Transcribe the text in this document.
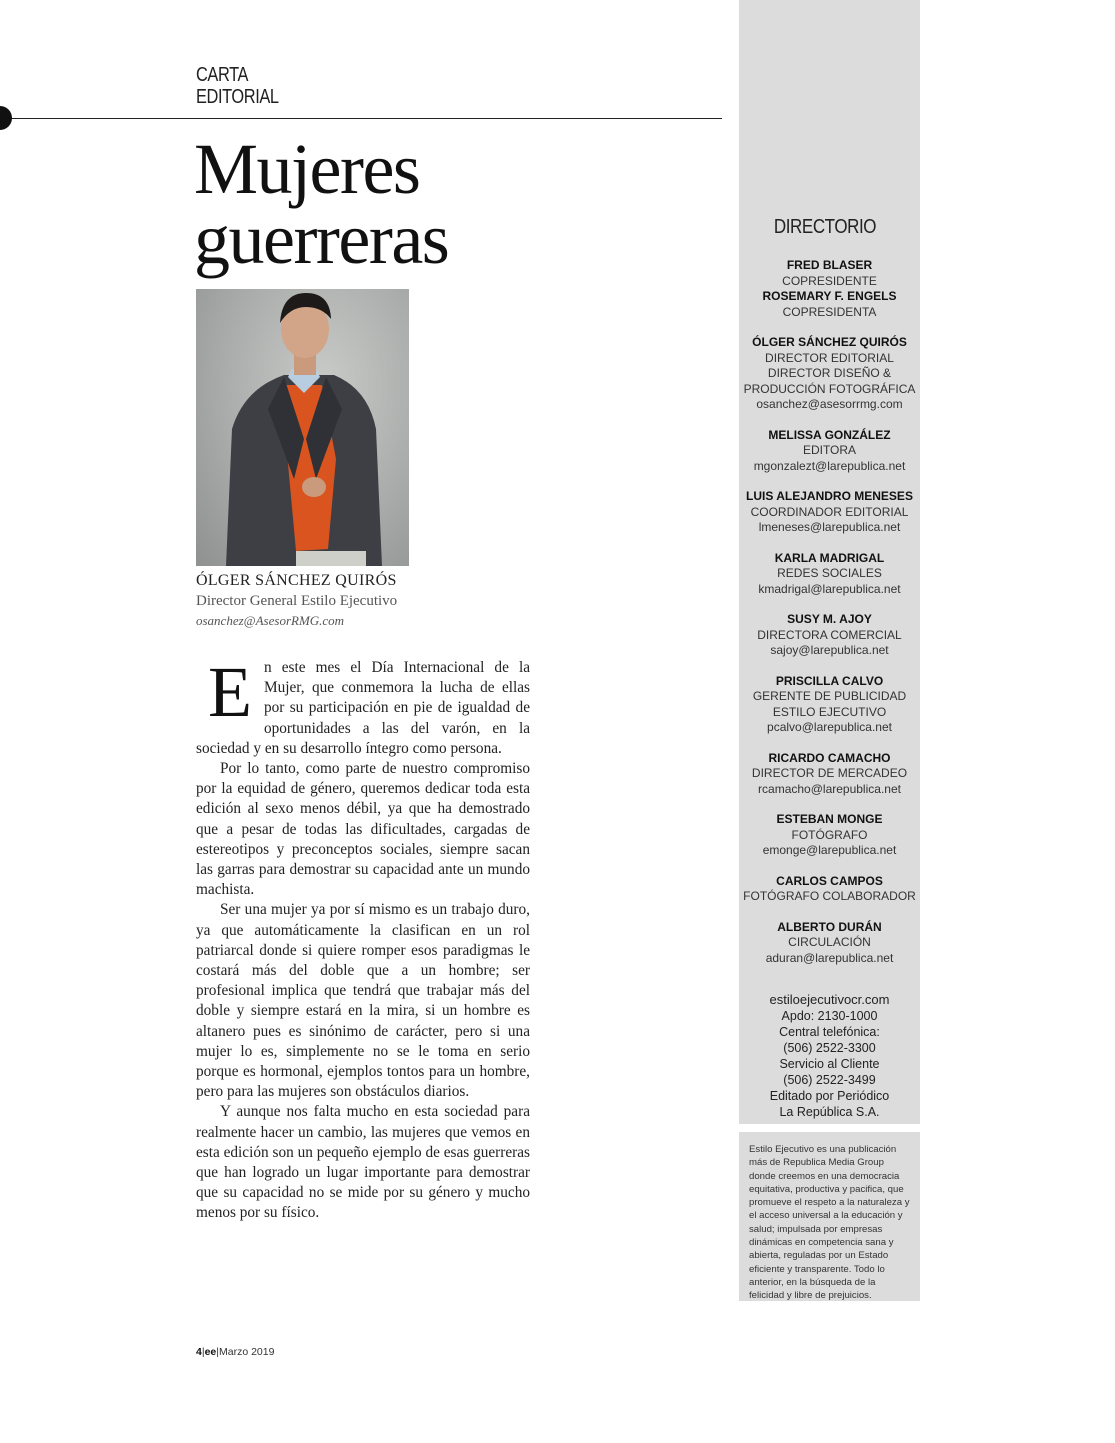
CARTA
EDITORIAL
Mujeres
guerreras
ÓLGER SÁNCHEZ QUIRÓS
Director General Estilo Ejecutivo
osanchez@AsesorRMG.com

En este mes el Día Internacional de la Mujer, que conmemora la lucha de ellas por su participación en pie de igualdad de oportunidades a las del varón, en la sociedad y en su desarrollo íntegro como persona.

Por lo tanto, como parte de nuestro compromiso por la equidad de género, queremos dedicar toda esta edición al sexo menos débil, ya que ha demostrado que a pesar de todas las dificultades, cargadas de estereotipos y preconceptos sociales, siempre sacan las garras para demostrar su capacidad ante un mundo machista.

Ser una mujer ya por sí mismo es un trabajo duro, ya que automáticamente la clasifican en un rol patriarcal donde si quiere romper esos paradigmas le costará más del doble que a un hombre; ser profesional implica que tendrá que trabajar más del doble y siempre estará en la mira, si un hombre es altanero pues es sinónimo de carácter, pero si una mujer lo es, simplemente no se le toma en serio porque es hormonal, ejemplos tontos para un hombre, pero para las mujeres son obstáculos diarios.

Y aunque nos falta mucho en esta sociedad para realmente hacer un cambio, las mujeres que vemos en esta edición son un pequeño ejemplo de esas guerreras que han logrado un lugar importante para demostrar que su capacidad no se mide por su género y mucho menos por su físico.

4|ee|Marzo 2019
DIRECTORIO
FRED BLASER
COPRESIDENTE
ROSEMARY F. ENGELS
COPRESIDENTA
ÓLGER SÁNCHEZ QUIRÓS
DIRECTOR EDITORIAL
DIRECTOR DISEÑO &
PRODUCCIÓN FOTOGRÁFICA
osanchez@asesorrmg.com
MELISSA GONZÁLEZ
EDITORA
mgonzalezt@larepublica.net
LUIS ALEJANDRO MENESES
COORDINADOR EDITORIAL
lmeneses@larepublica.net
KARLA MADRIGAL
REDES SOCIALES
kmadrigal@larepublica.net
SUSY M. AJOY
DIRECTORA COMERCIAL
sajoy@larepublica.net
PRISCILLA CALVO
GERENTE DE PUBLICIDAD
ESTILO EJECUTIVO
pcalvo@larepublica.net
RICARDO CAMACHO
DIRECTOR DE MERCADEO
rcamacho@larepublica.net
ESTEBAN MONGE
FOTÓGRAFO
emonge@larepublica.net
CARLOS CAMPOS
FOTÓGRAFO COLABORADOR
ALBERTO DURÁN
CIRCULACIÓN
aduran@larepublica.net
estiloejecutivocr.com
Apdo: 2130-1000
Central telefónica:
(506) 2522-3300
Servicio al Cliente
(506) 2522-3499
Editado por Periódico
La República S.A.
Estilo Ejecutivo es una publicación más de Republica Media Group donde creemos en una democracia equitativa, productiva y pacifica, que promueve el respeto a la naturaleza y el acceso universal a la educación y salud; impulsada por empresas dinámicas en competencia sana y abierta, reguladas por un Estado eficiente y transparente. Todo lo anterior, en la búsqueda de la felicidad y libre de prejuicios.
